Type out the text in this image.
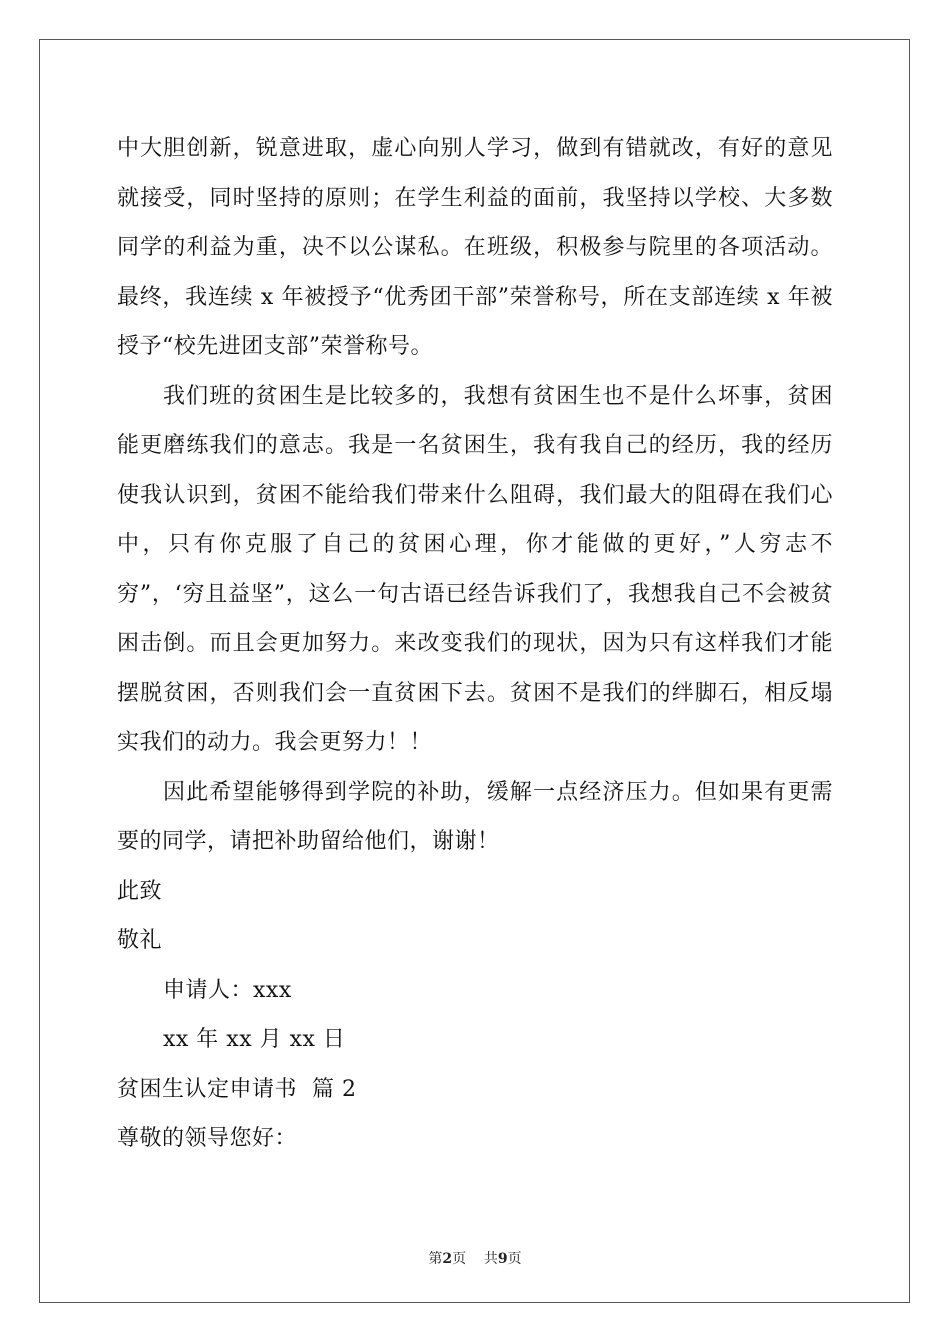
中大胆创新，锐意进取，虚心向别人学习，做到有错就改，有好的意见就接受，同时坚持的原则；在学生利益的面前，我坚持以学校、大多数同学的利益为重，决不以公谋私。在班级，积极参与院里的各项活动。最终，我连续 x 年被授予“优秀团干部”荣誉称号，所在支部连续 x 年被授予“校先进团支部”荣誉称号。

我们班的贫困生是比较多的，我想有贫困生也不是什么坏事，贫困能更磨练我们的意志。我是一名贫困生，我有我自己的经历，我的经历使我认识到，贫困不能给我们带来什么阻碍，我们最大的阻碍在我们心中，只有你克服了自己的贫困心理，你才能做的更好，”人穷志不穷”，‘穷且益坚”，这么一句古语已经告诉我们了，我想我自己不会被贫困击倒。而且会更加努力。来改变我们的现状，因为只有这样我们才能摆脱贫困，否则我们会一直贫困下去。贫困不是我们的绊脚石，相反塌实我们的动力。我会更努力！！

因此希望能够得到学院的补助，缓解一点经济压力。但如果有更需要的同学，请把补助留给他们，谢谢！

此致

敬礼

申请人：xxx

xx 年 xx 月 xx 日

贫困生认定申请书  篇 2

尊敬的领导您好：

第2页    共9页
